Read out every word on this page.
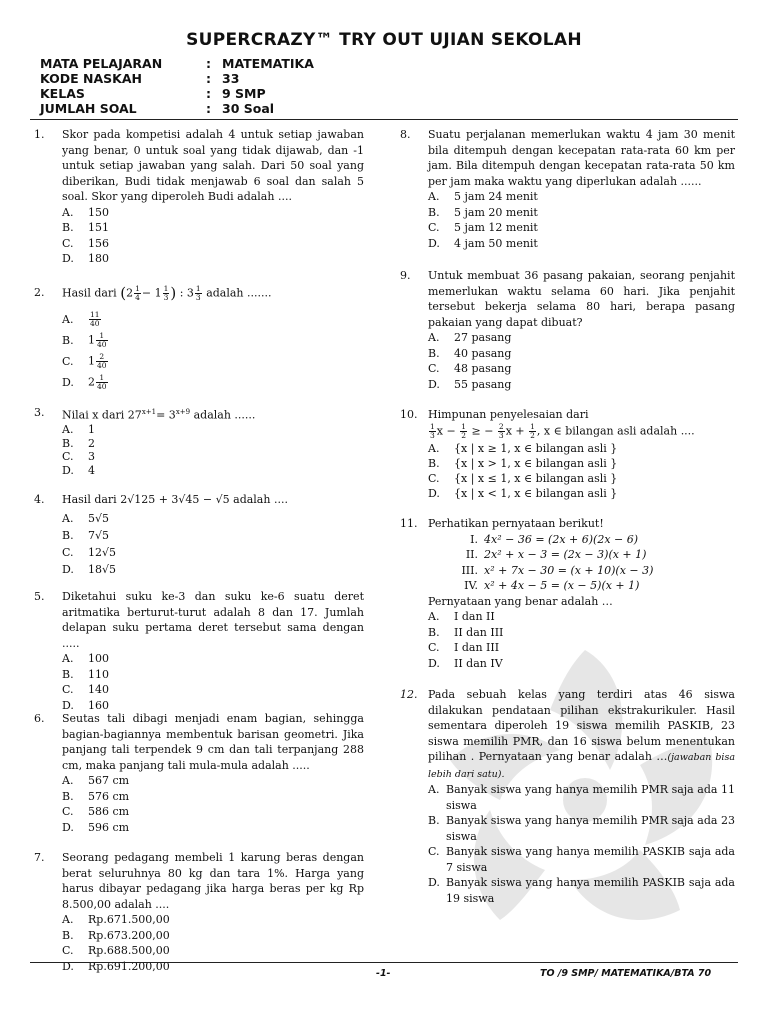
SUPERCRAZY™ TRY OUT UJIAN SEKOLAH
MATA PELAJARAN	: MATEMATIKA
KODE NASKAH	: 33
KELAS	: 9 SMP
JUMLAH SOAL	: 30 Soal
1. Skor pada kompetisi adalah 4 untuk setiap jawaban yang benar, 0 untuk soal yang tidak dijawab, dan -1 untuk setiap jawaban yang salah. Dari 50 soal yang diberikan, Budi tidak menjawab 6 soal dan salah 5 soal. Skor yang diperoleh Budi adalah ....
A.	150
B.	151
C.	156
D.	180
2. Hasil dari ($2 \frac{1}{4} - 1 \frac{1}{3}$ ) : $3 \frac{1}{3}$ adalah .......
A.	$\frac{11}{40}$
B.	$1 \frac{1}{40}$
C.	$1 \frac{2}{40}$
D.	$2 \frac{1}{40}$
3. Nilai x dari $27^{x+1}= 3^{x+9}$ adalah ......
A.	1
B.	2
C.	3
D.	4
4. Hasil dari 2√125 + 3√45 − √5 adalah ....
A.	5√5
B.	7√5
C.	12√5
D.	18√5
5. Diketahui suku ke-3 dan suku ke-6 suatu deret aritmatika berturut-turut adalah 8 dan 17. Jumlah delapan suku pertama deret tersebut sama dengan .....
A.	100
B.	110
C.	140
D.	160
6. Seutas tali dibagi menjadi enam bagian, sehingga bagian-bagiannya membentuk barisan geometri. Jika panjang tali terpendek 9 cm dan tali terpanjang 288 cm, maka panjang tali mula-mula adalah .....
A.	567 cm
B.	576 cm
C.	586 cm
D.	596 cm
7. Seorang pedagang membeli 1 karung beras dengan berat seluruhnya 80 kg dan tara 1%. Harga yang harus dibayar pedagang jika harga beras per kg Rp 8.500,00 adalah ....
A.	Rp.671.500,00
B.	Rp.673.200,00
C.	Rp.688.500,00
D.	Rp.691.200,00
8. Suatu perjalanan memerlukan waktu 4 jam 30 menit bila ditempuh dengan kecepatan rata-rata 60 km per jam. Bila ditempuh dengan kecepatan rata-rata 50 km per jam maka waktu yang diperlukan adalah ......
A.	5 jam 24 menit
B.	5 jam 20 menit
C.	5 jam 12 menit
D.	4 jam 50 menit
9. Untuk membuat 36 pasang pakaian, seorang penjahit memerlukan waktu selama 60 hari. Jika penjahit tersebut bekerja selama 80 hari, berapa pasang pakaian yang dapat dibuat?
A.	27 pasang
B.	40 pasang
C.	48 pasang
D.	55 pasang
10. Himpunan penyelesaian dari
$\frac{1}{3}$ $x - \frac{1}{2}$ ≥ − $\frac{2}{3}$ $x + \frac{1}{2}$ , x ∈ bilangan asli adalah ....
A.	{x | x ≥ 1, x ∈ bilangan asli }
B.	{x | x > 1, x ∈ bilangan asli }
C.	{x | x ≤ 1, x ∈ bilangan asli }
D.	{x | x < 1, x ∈ bilangan asli }
11. Perhatikan pernyataan berikut!
I. 4x² − 36 = (2x + 6)(2x − 6)
II. 2x² + x − 3 = (2x − 3)(x + 1)
III. x² + 7x − 30 = (x + 10)(x − 3)
IV. x² + 4x − 5 = (x − 5)(x + 1)
Pernyataan yang benar adalah …
A.	I dan II
B.	II dan III
C.	I dan III
D.	II dan IV
12. Pada sebuah kelas yang terdiri atas 46 siswa dilakukan pendataan pilihan ekstrakurikuler. Hasil sementara diperoleh 19 siswa memilih PASKIB, 23 siswa memilih PMR, dan 16 siswa belum menentukan pilihan . Pernyataan yang benar adalah …(jawaban bisa lebih dari satu).
A. Banyak siswa yang hanya memilih PMR saja ada 11 siswa
B. Banyak siswa yang hanya memilih PMR saja ada 23 siswa
C. Banyak siswa yang hanya memilih PASKIB saja ada 7 siswa
D. Banyak siswa yang hanya memilih PASKIB saja ada 19 siswa
-1-	TO /9 SMP/ MATEMATIKA/BTA 70
